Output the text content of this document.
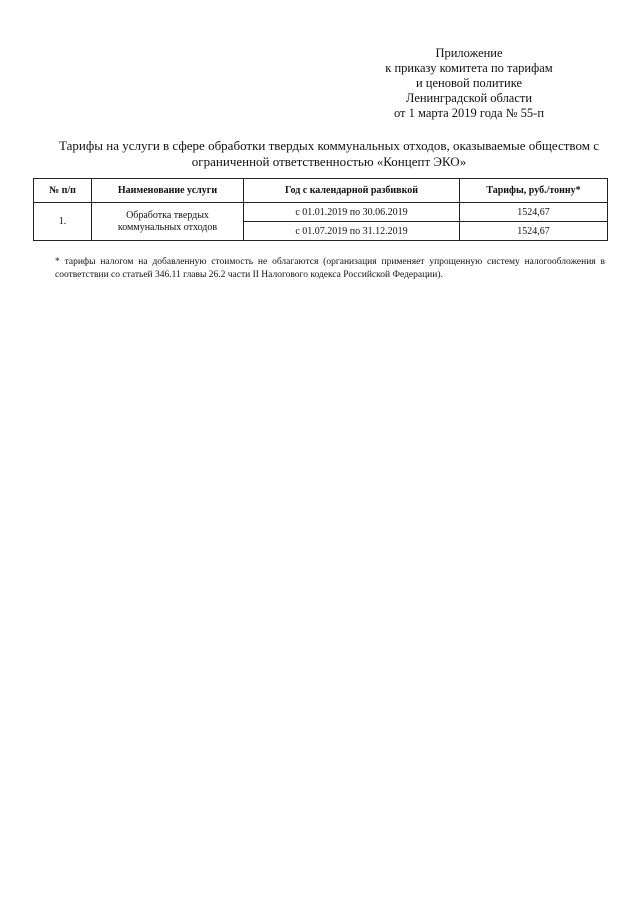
Приложение
к приказу комитета по тарифам
и ценовой политике
Ленинградской области
от 1 марта 2019 года № 55-п
Тарифы на услуги в сфере обработки твердых коммунальных отходов, оказываемые обществом с
ограниченной ответственностью «Концепт ЭКО»
№ п/п	Наименование услуги	Год с календарной разбивкой	Тарифы, руб./тонну*
1.	Обработка твердых коммунальных отходов	с 01.01.2019 по 30.06.2019	1524,67
		с 01.07.2019 по 31.12.2019	1524,67
* тарифы налогом на добавленную стоимость не облагаются (организация применяет упрощенную систему налогообложения в соответствии со статьей 346.11 главы 26.2 части II Налогового кодекса Российской Федерации).
